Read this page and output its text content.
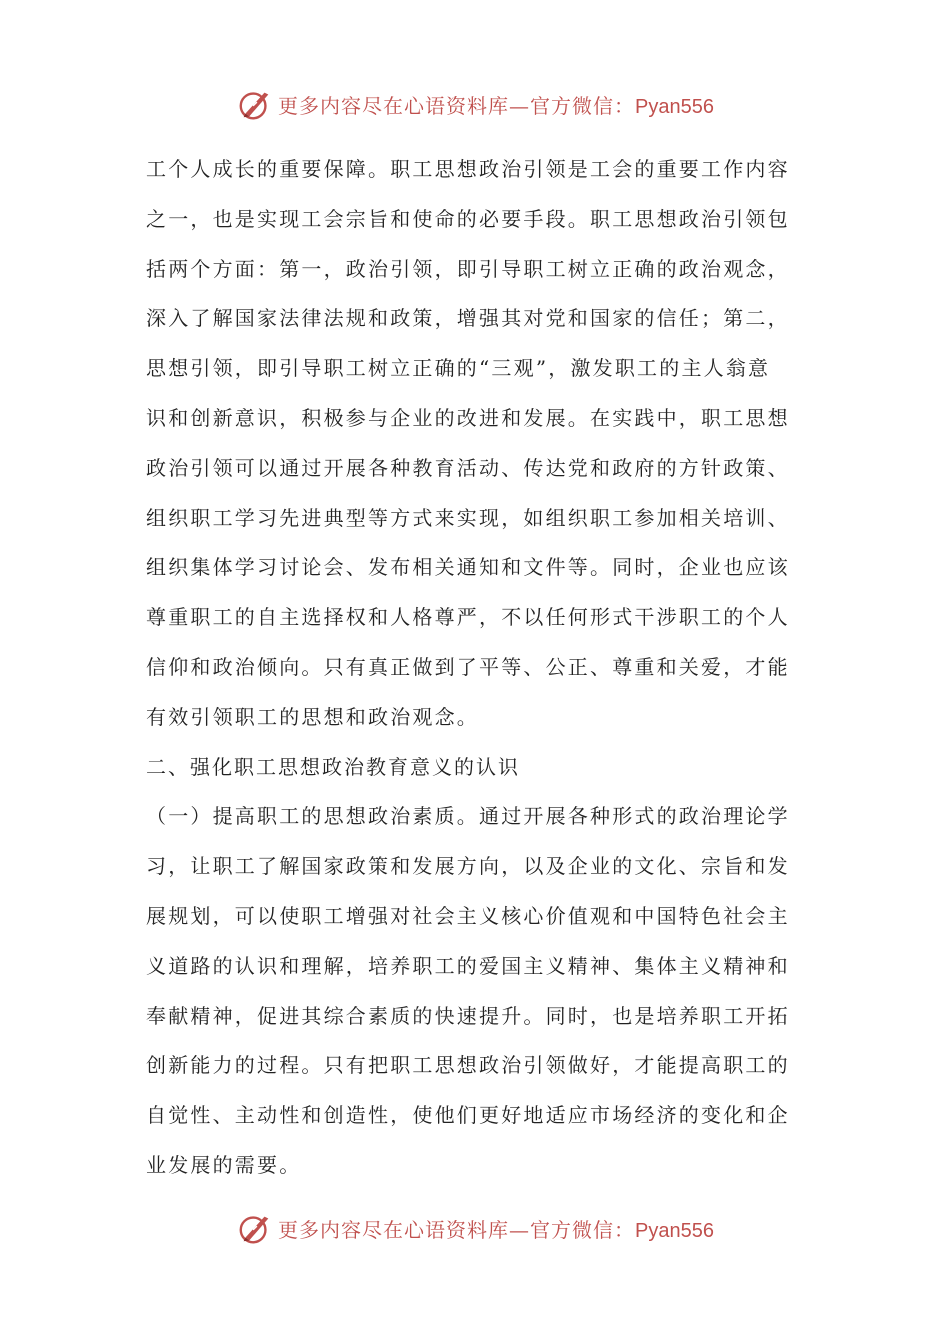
更多内容尽在心语资料库—官方微信：Pyan556
工个人成长的重要保障。职工思想政治引领是工会的重要工作内容
之一，也是实现工会宗旨和使命的必要手段。职工思想政治引领包
括两个方面：第一，政治引领，即引导职工树立正确的政治观念，
深入了解国家法律法规和政策，增强其对党和国家的信任；第二，
思想引领，即引导职工树立正确的“三观”，激发职工的主人翁意
识和创新意识，积极参与企业的改进和发展。在实践中，职工思想
政治引领可以通过开展各种教育活动、传达党和政府的方针政策、
组织职工学习先进典型等方式来实现，如组织职工参加相关培训、
组织集体学习讨论会、发布相关通知和文件等。同时，企业也应该
尊重职工的自主选择权和人格尊严，不以任何形式干涉职工的个人
信仰和政治倾向。只有真正做到了平等、公正、尊重和关爱，才能
有效引领职工的思想和政治观念。
二、强化职工思想政治教育意义的认识
（一）提高职工的思想政治素质。通过开展各种形式的政治理论学
习，让职工了解国家政策和发展方向，以及企业的文化、宗旨和发
展规划，可以使职工增强对社会主义核心价值观和中国特色社会主
义道路的认识和理解，培养职工的爱国主义精神、集体主义精神和
奉献精神，促进其综合素质的快速提升。同时，也是培养职工开拓
创新能力的过程。只有把职工思想政治引领做好，才能提高职工的
自觉性、主动性和创造性，使他们更好地适应市场经济的变化和企
业发展的需要。
更多内容尽在心语资料库—官方微信：Pyan556
